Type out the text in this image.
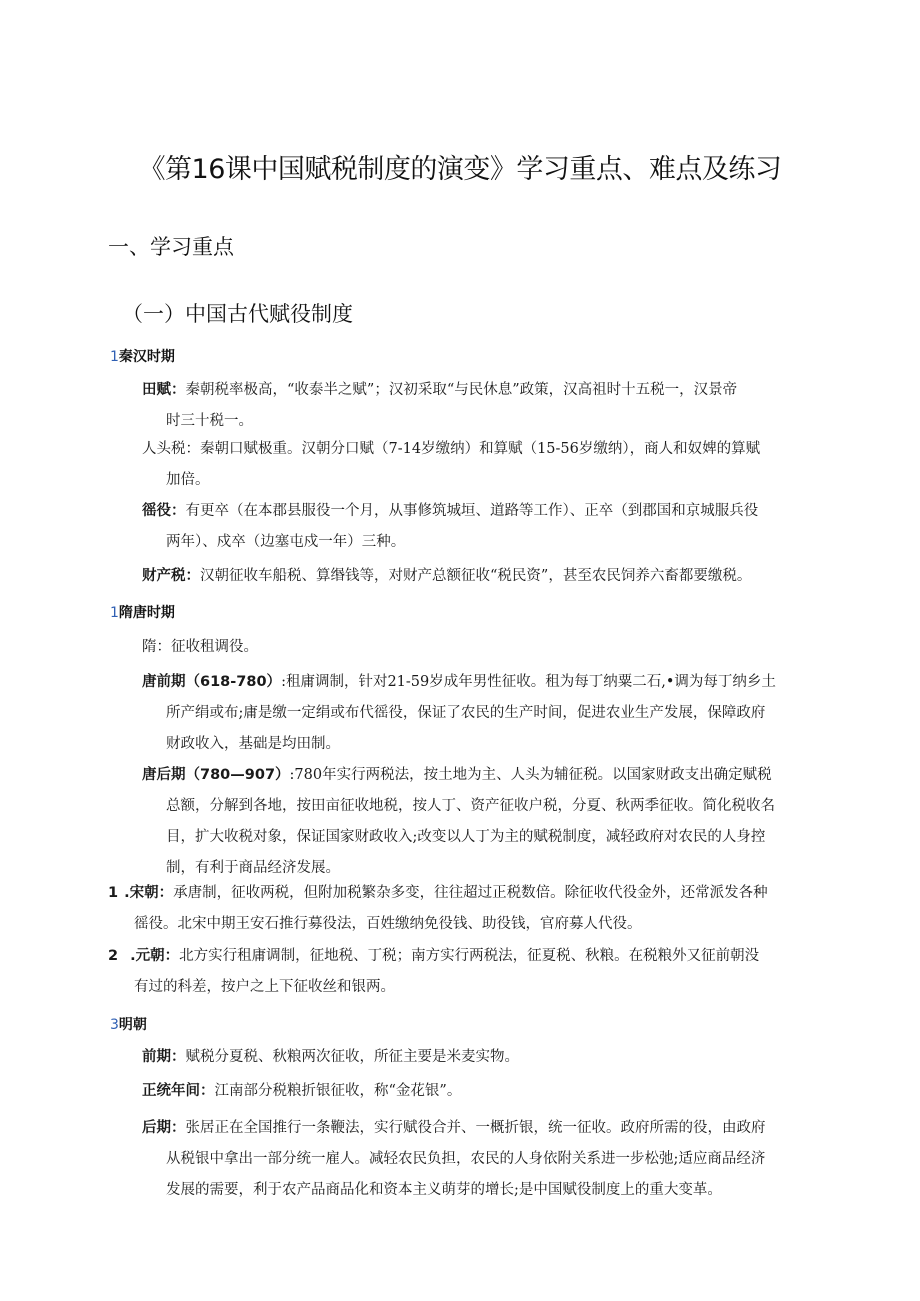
《第16课中国赋税制度的演变》学习重点、难点及练习
一、学习重点
（一）中国古代赋役制度
1秦汉时期
田赋：秦朝税率极高，“收泰半之赋”；汉初采取“与民休息”政策，汉高祖时十五税一，汉景帝
时三十税一。
人头税：秦朝口赋极重。汉朝分口赋（7-14岁缴纳）和算赋（15-56岁缴纳），商人和奴婢的算赋
加倍。
徭役：有更卒（在本郡县服役一个月，从事修筑城垣、道路等工作）、正卒（到郡国和京城服兵役
两年）、戍卒（边塞屯戍一年）三种。
财产税：汉朝征收车船税、算缗钱等，对财产总额征收“税民资”，甚至农民饲养六畜都要缴税。
1隋唐时期
隋：征收租调役。
唐前期（618-780）:租庸调制，针对21-59岁成年男性征收。租为每丁纳粟二石,•调为每丁纳乡土
所产绢或布;庸是缴一定绢或布代徭役，保证了农民的生产时间，促进农业生产发展，保障政府
财政收入，基础是均田制。
唐后期（780—907）:780年实行两税法，按土地为主、人头为辅征税。以国家财政支出确定赋税
总额，分解到各地，按田亩征收地税，按人丁、资产征收户税，分夏、秋两季征收。简化税收名
目，扩大收税对象，保证国家财政收入;改变以人丁为主的赋税制度，减轻政府对农民的人身控
制，有利于商品经济发展。
1 .宋朝：承唐制，征收两税，但附加税繁杂多变，往往超过正税数倍。除征收代役金外，还常派发各种
徭役。北宋中期王安石推行募役法，百姓缴纳免役钱、助役钱，官府募人代役。
2 .元朝：北方实行租庸调制，征地税、丁税；南方实行两税法，征夏税、秋粮。在税粮外又征前朝没
有过的科差，按户之上下征收丝和银两。
3明朝
前期：赋税分夏税、秋粮两次征收，所征主要是米麦实物。
正统年间：江南部分税粮折银征收，称“金花银”。
后期：张居正在全国推行一条鞭法，实行赋役合并、一概折银，统一征收。政府所需的役，由政府
从税银中拿出一部分统一雇人。减轻农民负担，农民的人身依附关系进一步松弛;适应商品经济
发展的需要，利于农产品商品化和资本主义萌芽的增长;是中国赋役制度上的重大变革。
